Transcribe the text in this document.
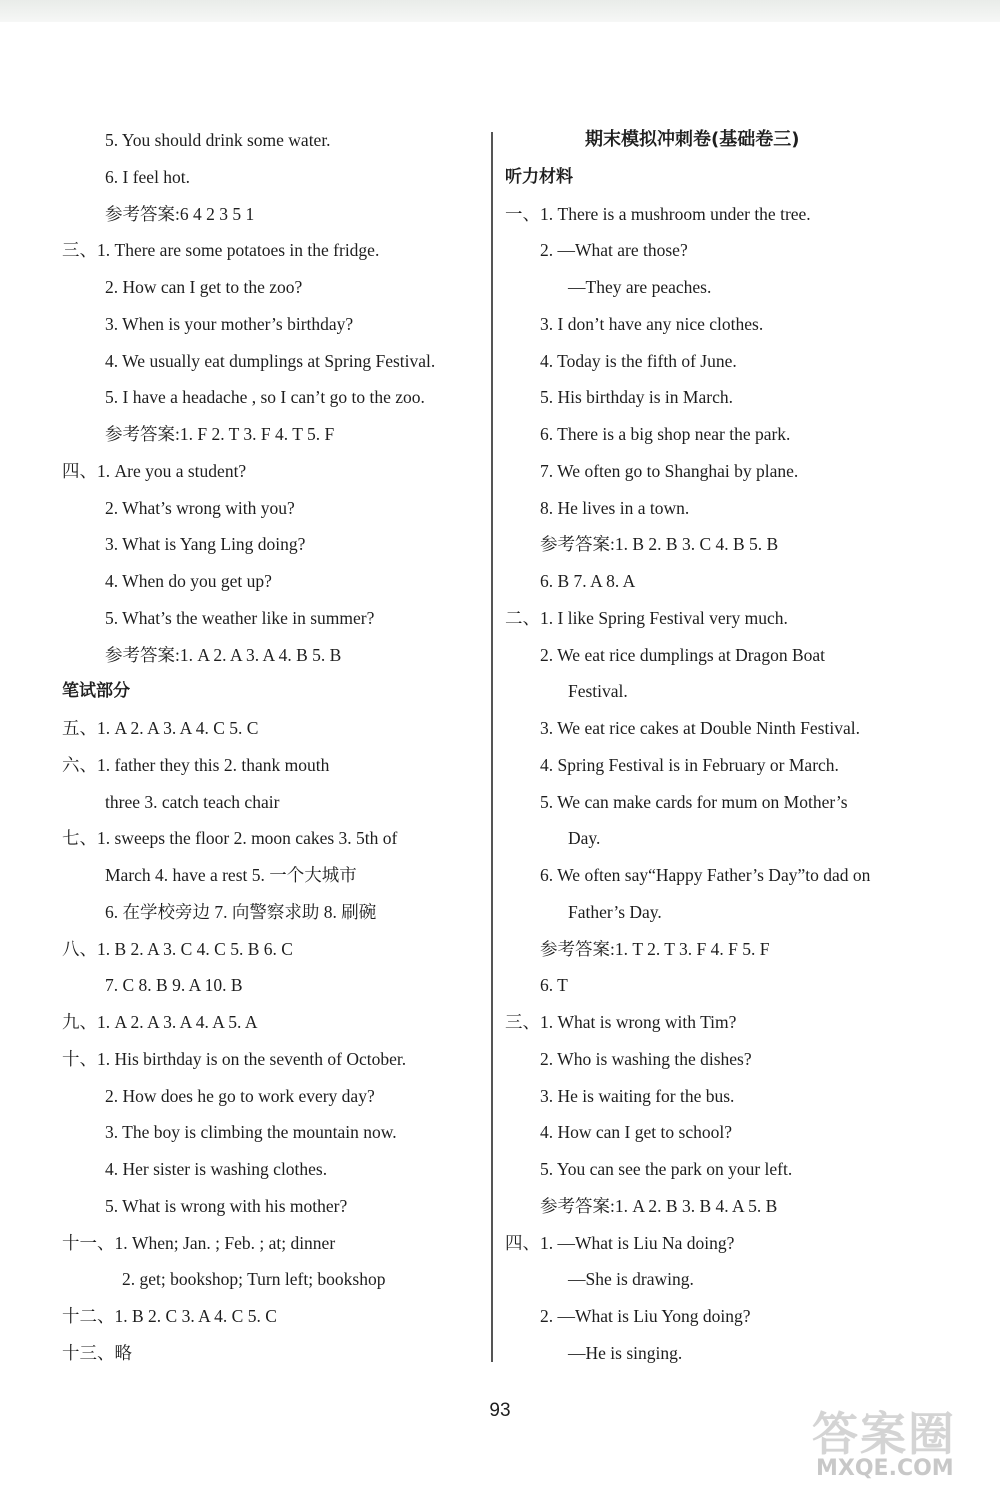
5. You should drink some water.
6. I feel hot.
参考答案:6 4 2 3 5 1
三、1. There are some potatoes in the fridge.
2. How can I get to the zoo?
3. When is your mother’s birthday?
4. We usually eat dumplings at Spring Festival.
5. I have a headache , so I can’t go to the zoo.
参考答案:1. F 2. T 3. F 4. T 5. F
四、1. Are you a student?
2. What’s wrong with you?
3. What is Yang Ling doing?
4. When do you get up?
5. What’s the weather like in summer?
参考答案:1. A 2. A 3. A 4. B 5. B
笔试部分
五、1. A 2. A 3. A 4. C 5. C
六、1. father they this 2. thank mouth
three 3. catch teach chair
七、1. sweeps the floor 2. moon cakes 3. 5th of
March 4. have a rest 5. 一个大城市
6. 在学校旁边 7. 向警察求助 8. 刷碗
八、1. B 2. A 3. C 4. C 5. B 6. C
7. C 8. B 9. A 10. B
九、1. A 2. A 3. A 4. A 5. A
十、1. His birthday is on the seventh of October.
2. How does he go to work every day?
3. The boy is climbing the mountain now.
4. Her sister is washing clothes.
5. What is wrong with his mother?
十一、1. When; Jan. ; Feb. ; at; dinner
2. get; bookshop; Turn left; bookshop
十二、1. B 2. C 3. A 4. C 5. C
十三、略
期末模拟冲刺卷(基础卷三)
听力材料
一、1. There is a mushroom under the tree.
2. —What are those?
—They are peaches.
3. I don’t have any nice clothes.
4. Today is the fifth of June.
5. His birthday is in March.
6. There is a big shop near the park.
7. We often go to Shanghai by plane.
8. He lives in a town.
参考答案:1. B 2. B 3. C 4. B 5. B
6. B 7. A 8. A
二、1. I like Spring Festival very much.
2. We eat rice dumplings at Dragon Boat
Festival.
3. We eat rice cakes at Double Ninth Festival.
4. Spring Festival is in February or March.
5. We can make cards for mum on Mother’s
Day.
6. We often say“Happy Father’s Day”to dad on
Father’s Day.
参考答案:1. T 2. T 3. F 4. F 5. F
6. T
三、1. What is wrong with Tim?
2. Who is washing the dishes?
3. He is waiting for the bus.
4. How can I get to school?
5. You can see the park on your left.
参考答案:1. A 2. B 3. B 4. A 5. B
四、1. —What is Liu Na doing?
—She is drawing.
2. —What is Liu Yong doing?
—He is singing.
93	答案圈
MXQE.COM
